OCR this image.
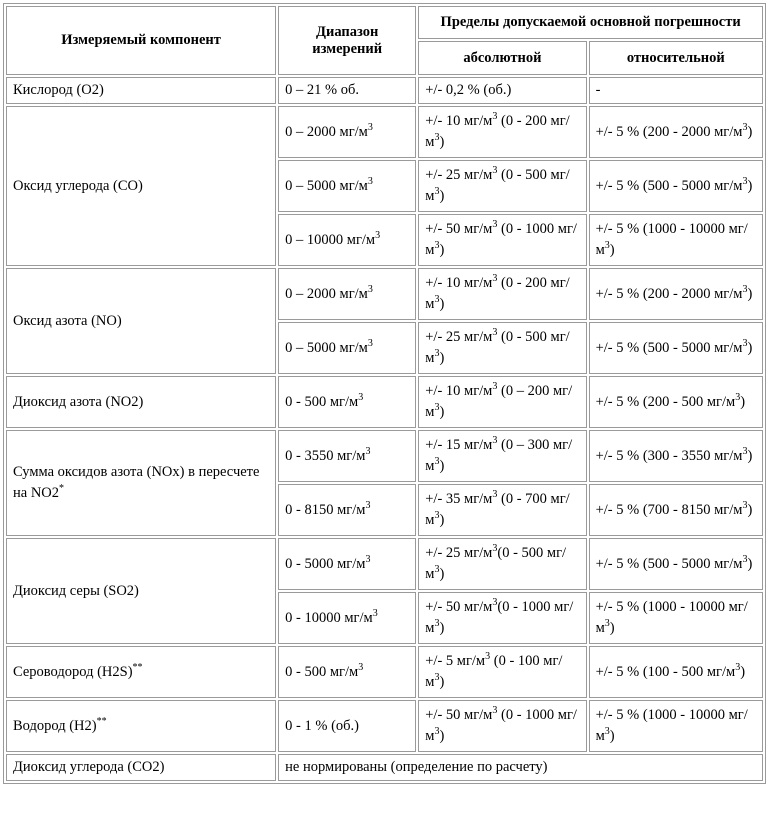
Измеряемый компонент	Диапазон измерений	Пределы допускаемой основной погрешности	
		абсолютной	относительной
Кислород (О2)	0 – 21 % об.	+/- 0,2 % (об.)	-
Оксид углерода (СО)	0 – 2000 $мг/м^3$	+/- 10 $мг/м^3$ (0 - 200 $мг/м^3$)	+/- 5 % (200 - 2000 $мг/м^3$)
	0 – 5000 $мг/м^3$	+/- 25 $мг/м^3$ (0 - 500 $мг/м^3$)	+/- 5 % (500 - 5000 $мг/м^3$)
	0 – 10000 $мг/м^3$	+/- 50 $мг/м^3$ (0 - 1000 $мг/м^3$)	+/- 5 % (1000 - 10000 $мг/м^3$)
Оксид азота (NO)	0 – 2000 $мг/м^3$	+/- 10 $мг/м^3$ (0 - 200 $мг/м^3$)	+/- 5 % (200 - 2000 $мг/м^3$)
	0 – 5000 $мг/м^3$	+/- 25 $мг/м^3$ (0 - 500 $мг/м^3$)	+/- 5 % (500 - 5000 $мг/м^3$)
Диоксид азота (NO2)	0 - 500 $мг/м^3$	+/- 10 $мг/м^3$ (0 – 200 $мг/м^3$)	+/- 5 % (200 - 500 $мг/м^3$)
Сумма оксидов азота (NOx) в пересчете на NO2*	0 - 3550 $мг/м^3$	+/- 15 $мг/м^3$ (0 – 300 $мг/м^3$)	+/- 5 % (300 - 3550 $мг/м^3$)
	0 - 8150 $мг/м^3$	+/- 35 $мг/м^3$ (0 - 700 $мг/м^3$)	+/- 5 % (700 - 8150 $мг/м^3$)
Диоксид серы (SO2)	0 - 5000 $мг/м^3$	+/- 25 $мг/м^3(0 - 500$ $мг/м^3$)	+/- 5 % (500 - 5000 $мг/м^3$)
	0 - 10000 $мг/м^3$	+/- 50 $мг/м^3(0 - 1000$ $мг/м^3$)	+/- 5 % (1000 - 10000 $мг/м^3$)
Сероводород (H2S)**	0 - 500 $мг/м^3$	+/- 5 $мг/м^3$ (0 - 100 $мг/м^3$)	+/- 5 % (100 - 500 $мг/м^3$)
Водород (H2)**	0 - 1 % (об.)	+/- 50 $мг/м^3$ (0 - 1000 $мг/м^3$)	+/- 5 % (1000 - 10000 $мг/м^3$)
Диоксид углерода (СО2)	не нормированы (определение по расчету)		
